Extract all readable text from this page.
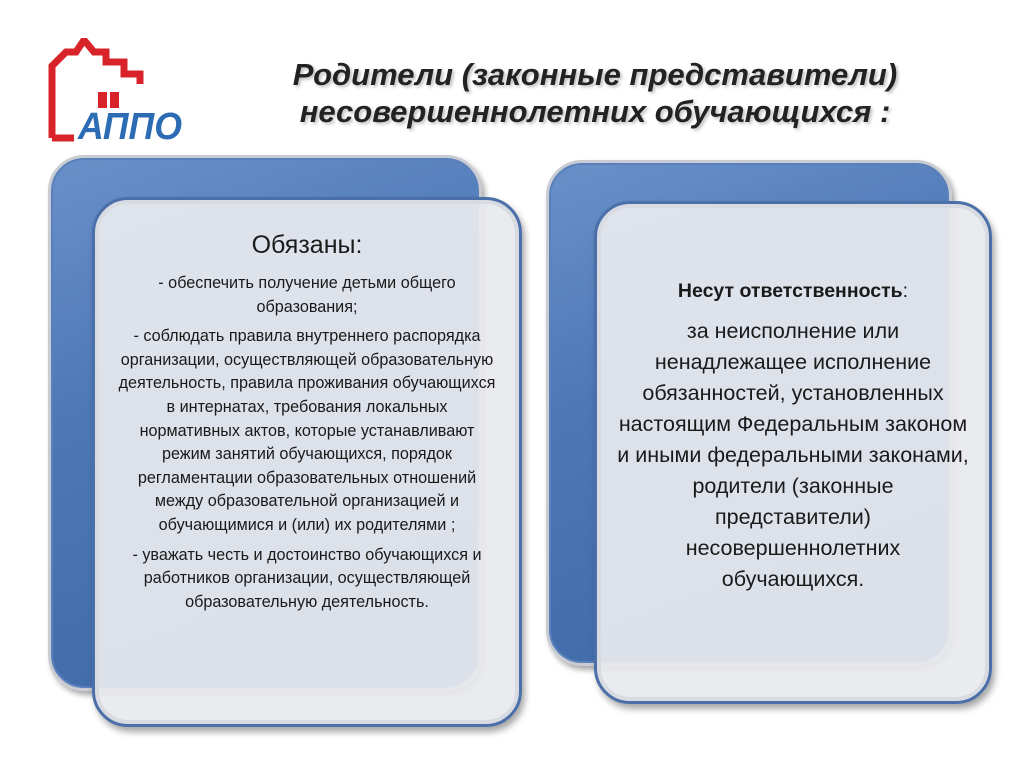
АППО
Родители (законные представители)
несовершеннолетних обучающихся :
Обязаны:

- обеспечить получение детьми общего образования;

- соблюдать правила внутреннего распорядка организации, осуществляющей образовательную деятельность, правила проживания обучающихся в интернатах, требования локальных нормативных актов, которые устанавливают режим занятий обучающихся, порядок регламентации образовательных отношений между образовательной организацией и обучающимися и (или) их родителями ;

- уважать честь и достоинство обучающихся и работников организации, осуществляющей образовательную деятельность.

Несут ответственность:

за неисполнение или ненадлежащее исполнение обязанностей, установленных настоящим Федеральным законом и иными федеральными законами, родители (законные представители) несовершеннолетних обучающихся.
